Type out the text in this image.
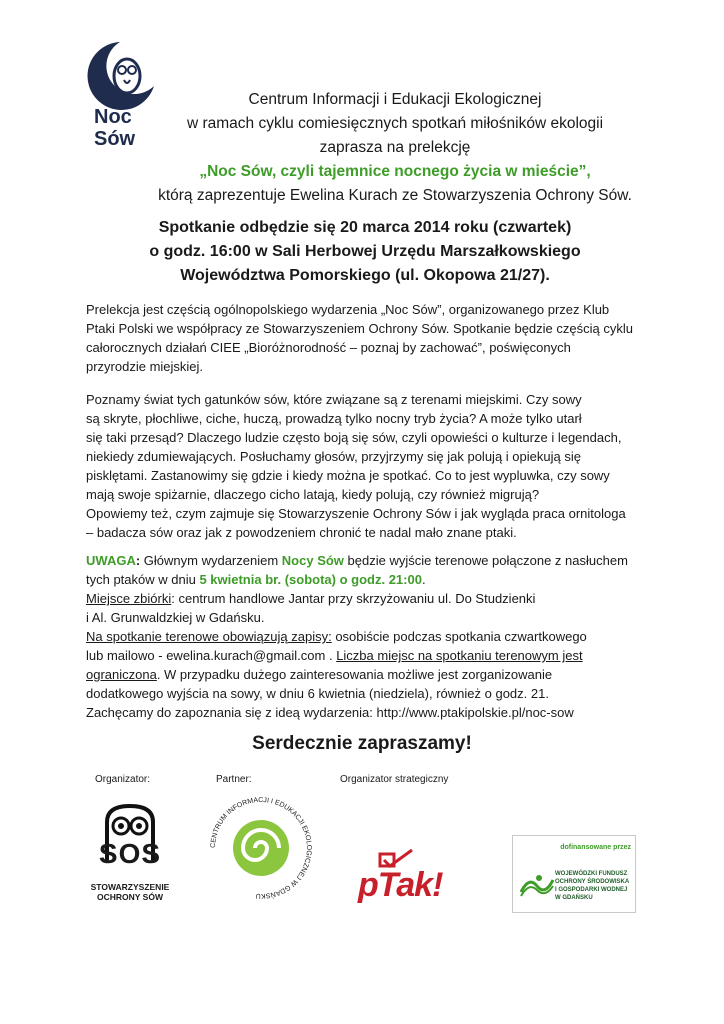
Noc
Sów
Centrum Informacji i Edukacji Ekologicznej
w ramach cyklu comiesięcznych spotkań miłośników ekologii
zaprasza na prelekcję
„Noc Sów, czyli tajemnice nocnego życia w mieście”,
którą zaprezentuje Ewelina Kurach ze Stowarzyszenia Ochrony Sów.
Spotkanie odbędzie się 20 marca 2014 roku (czwartek)
o godz. 16:00 w Sali Herbowej Urzędu Marszałkowskiego
Województwa Pomorskiego (ul. Okopowa 21/27).
Prelekcja jest częścią ogólnopolskiego wydarzenia „Noc Sów”, organizowanego przez Klub
Ptaki Polski we współpracy ze Stowarzyszeniem Ochrony Sów. Spotkanie będzie częścią cyklu
całorocznych działań CIEE „Bioróżnorodność – poznaj by zachować”, poświęconych
przyrodzie miejskiej.
Poznamy świat tych gatunków sów, które związane są z terenami miejskimi. Czy sowy
są skryte, płochliwe, ciche, huczą, prowadzą tylko nocny tryb życia? A może tylko utarł
się taki przesąd? Dlaczego ludzie często boją się sów, czyli opowieści o kulturze i legendach,
niekiedy zdumiewających. Posłuchamy głosów, przyjrzymy się jak polują i opiekują się
pisklętami. Zastanowimy się gdzie i kiedy można je spotkać. Co to jest wypluwka, czy sowy
mają swoje spiżarnie, dlaczego cicho latają, kiedy polują, czy również migrują?
Opowiemy też, czym zajmuje się Stowarzyszenie Ochrony Sów i jak wygląda praca ornitologa
– badacza sów oraz jak z powodzeniem chronić te nadal mało znane ptaki.
UWAGA: Głównym wydarzeniem Nocy Sów będzie wyjście terenowe połączone z nasłuchem
tych ptaków w dniu 5 kwietnia br. (sobota) o godz. 21:00.
Miejsce zbiórki: centrum handlowe Jantar przy skrzyżowaniu ul. Do Studzienki
i Al. Grunwaldzkiej w Gdańsku.
Na spotkanie terenowe obowiązują zapisy: osobiście podczas spotkania czwartkowego
lub mailowo - ewelina.kurach@gmail.com . Liczba miejsc na spotkaniu terenowym jest
ograniczona. W przypadku dużego zainteresowania możliwe jest zorganizowanie
dodatkowego wyjścia na sowy, w dniu 6 kwietnia (niedziela), również o godz. 21.
Zachęcamy do zapoznania się z ideą wydarzenia: http://www.ptakipolskie.pl/noc-sow
Serdecznie zapraszamy!
Organizator:	Partner:	Organizator strategiczny
SOS
STOWARZYSZENIE
OCHRONY SÓW
CENTRUM INFORMACJI I EDUKACJI EKOLOGICZNEJ W GDAŃSKU	pTak!
dofinansowane przez
WOJEWÓDZKI FUNDUSZ
OCHRONY ŚRODOWISKA
I GOSPODARKI WODNEJ
W GDAŃSKU
